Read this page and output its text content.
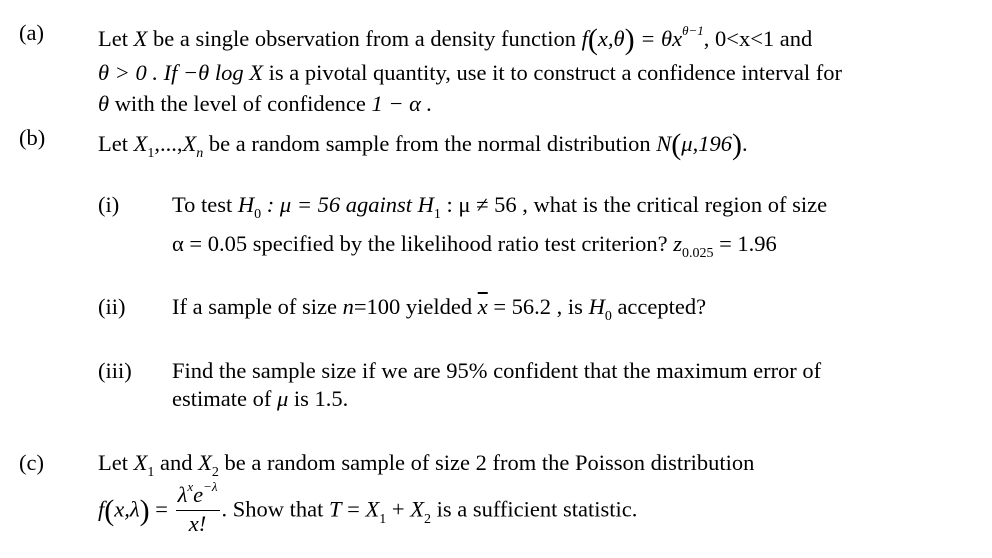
(a) Let X be a single observation from a density function $f(x,\theta) = \theta x^{\theta-1}$, 0<x<1 and
θ > 0 . If −θ log X is a pivotal quantity, use it to construct a confidence interval for
θ with the level of confidence 1 − α .
(b) Let $X_1,...,X_n$ be a random sample from the normal distribution N(μ,196).
(i) To test $H_0$ : μ = 56 against $H_1$ : μ ≠ 56 , what is the critical region of size
α = 0.05 specified by the likelihood ratio test criterion? $z_{0.025} = 1.96$
(ii) If a sample of size n=100 yielded $\overline{x} = 56.2$ , is $H_0$ accepted?
(iii) Find the sample size if we are 95% confident that the maximum error of
estimate of μ is 1.5.
(c) Let $X_1$ and $X_2$ be a random sample of size 2 from the Poisson distribution
$f(x,\lambda) = \frac{\lambda^xe^{-\lambda}}{x!}$ . Show that $T = X_1 + X_2$ is a sufficient statistic.
